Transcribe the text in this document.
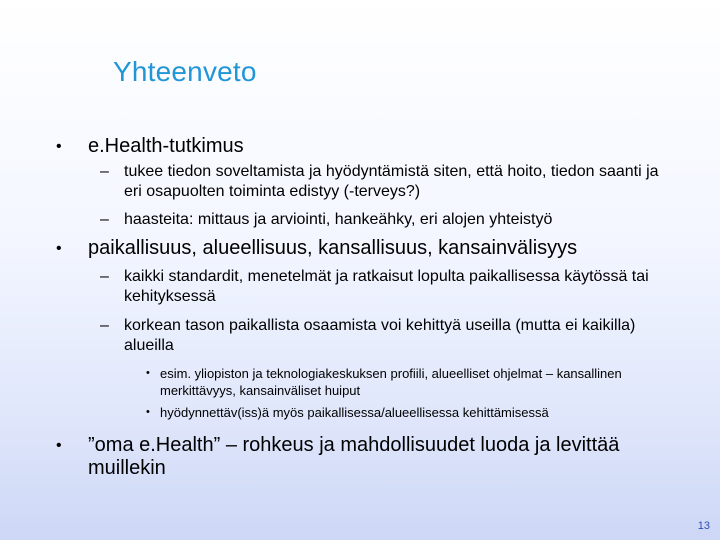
Yhteenveto
•	e.Health-tutkimus
– tukee tiedon soveltamista ja hyödyntämistä siten, että hoito, tiedon saanti ja eri osapuolten toiminta edistyy (-terveys?)
– haasteita: mittaus ja arviointi, hankeähky, eri alojen yhteistyö
•	paikallisuus, alueellisuus, kansallisuus, kansainvälisyys
– kaikki standardit, menetelmät ja ratkaisut lopulta paikallisessa käytössä tai kehityksessä
– korkean tason paikallista osaamista voi kehittyä useilla (mutta ei kaikilla) alueilla
• esim. yliopiston ja teknologiakeskuksen profiili, alueelliset ohjelmat – kansallinen merkittävyys, kansainväliset huiput
• hyödynnettäv(iss)ä myös paikallisessa/alueellisessa kehittämisessä
•	”oma e.Health” – rohkeus ja mahdollisuudet luoda ja levittää muillekin
13
